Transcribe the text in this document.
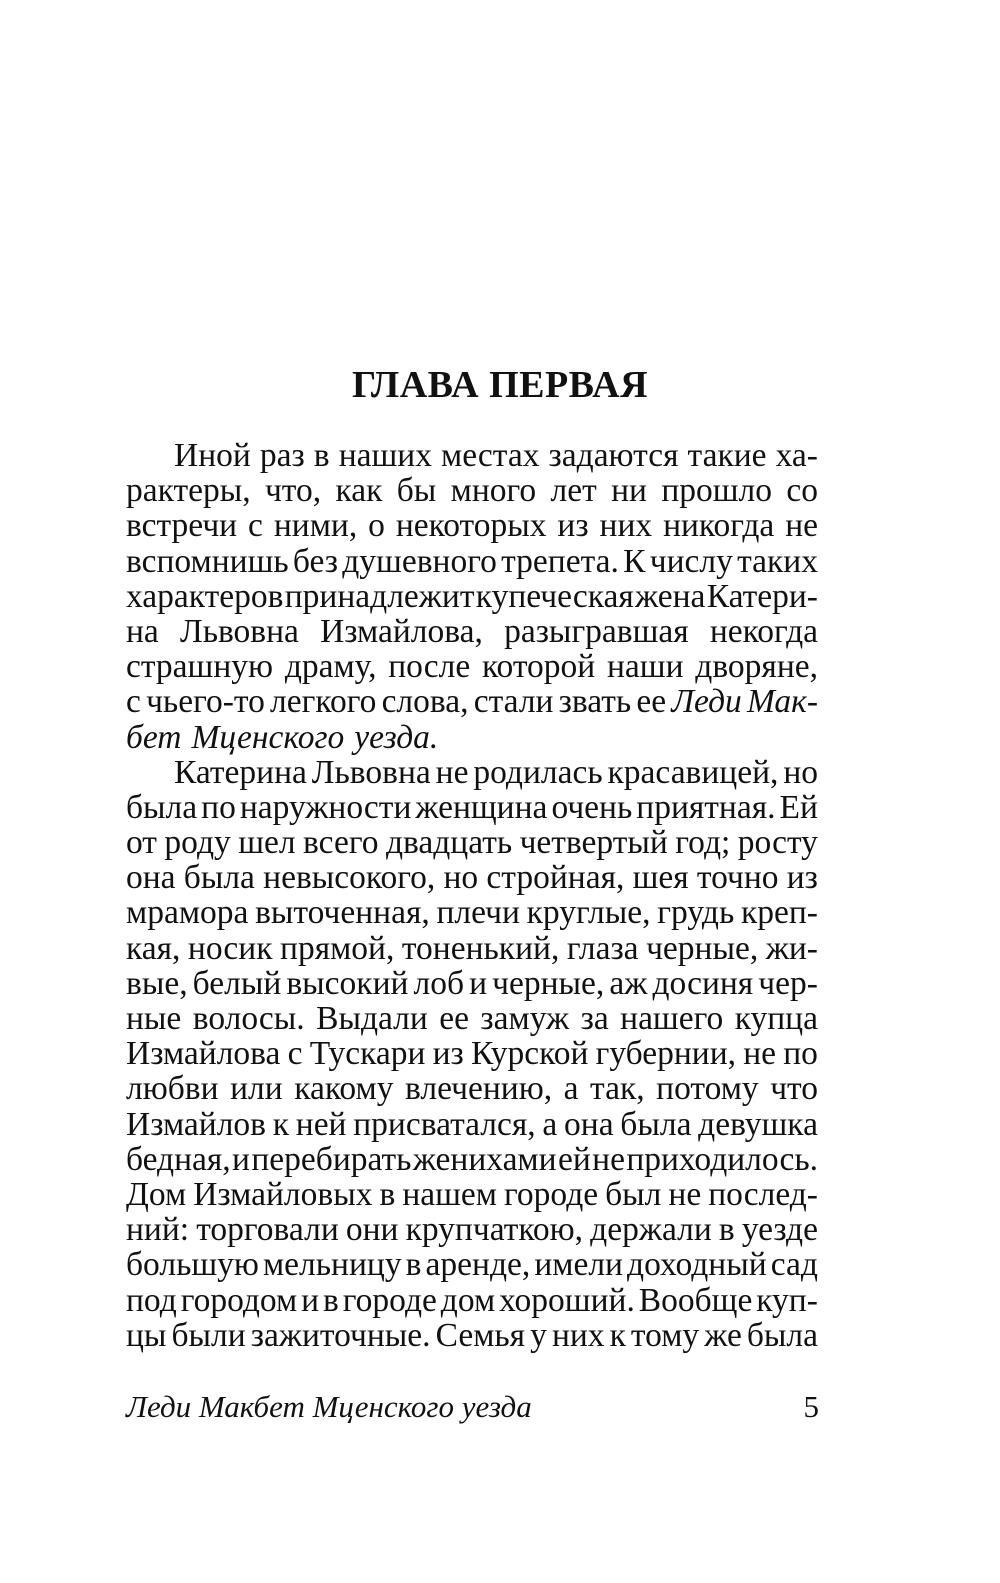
ГЛАВА ПЕРВАЯ
Иной раз в наших местах задаются такие ха-
рактеры, что, как бы много лет ни прошло со
встречи с ними, о некоторых из них никогда не
вспомнишь без душевного трепета. К числу таких
характеров принадлежит купеческая жена Катери-
на Львовна Измайлова, разыгравшая некогда
страшную драму, после которой наши дворяне,
с чьего-то легкого слова, стали звать ее Леди Мак-
бет Мценского уезда.
Катерина Львовна не родилась красавицей, но
была по наружности женщина очень приятная. Ей
от роду шел всего двадцать четвертый год; росту
она была невысокого, но стройная, шея точно из
мрамора выточенная, плечи круглые, грудь креп-
кая, носик прямой, тоненький, глаза черные, жи-
вые, белый высокий лоб и черные, аж досиня чер-
ные волосы. Выдали ее замуж за нашего купца
Измайлова с Тускари из Курской губернии, не по
любви или какому влечению, а так, потому что
Измайлов к ней присватался, а она была девушка
бедная, и перебирать женихами ей не приходилось.
Дом Измайловых в нашем городе был не послед-
ний: торговали они крупчаткою, держали в уезде
большую мельницу в аренде, имели доходный сад
под городом и в городе дом хороший. Вообще куп-
цы были зажиточные. Семья у них к тому же была
Леди Макбет Мценского уезда	5
